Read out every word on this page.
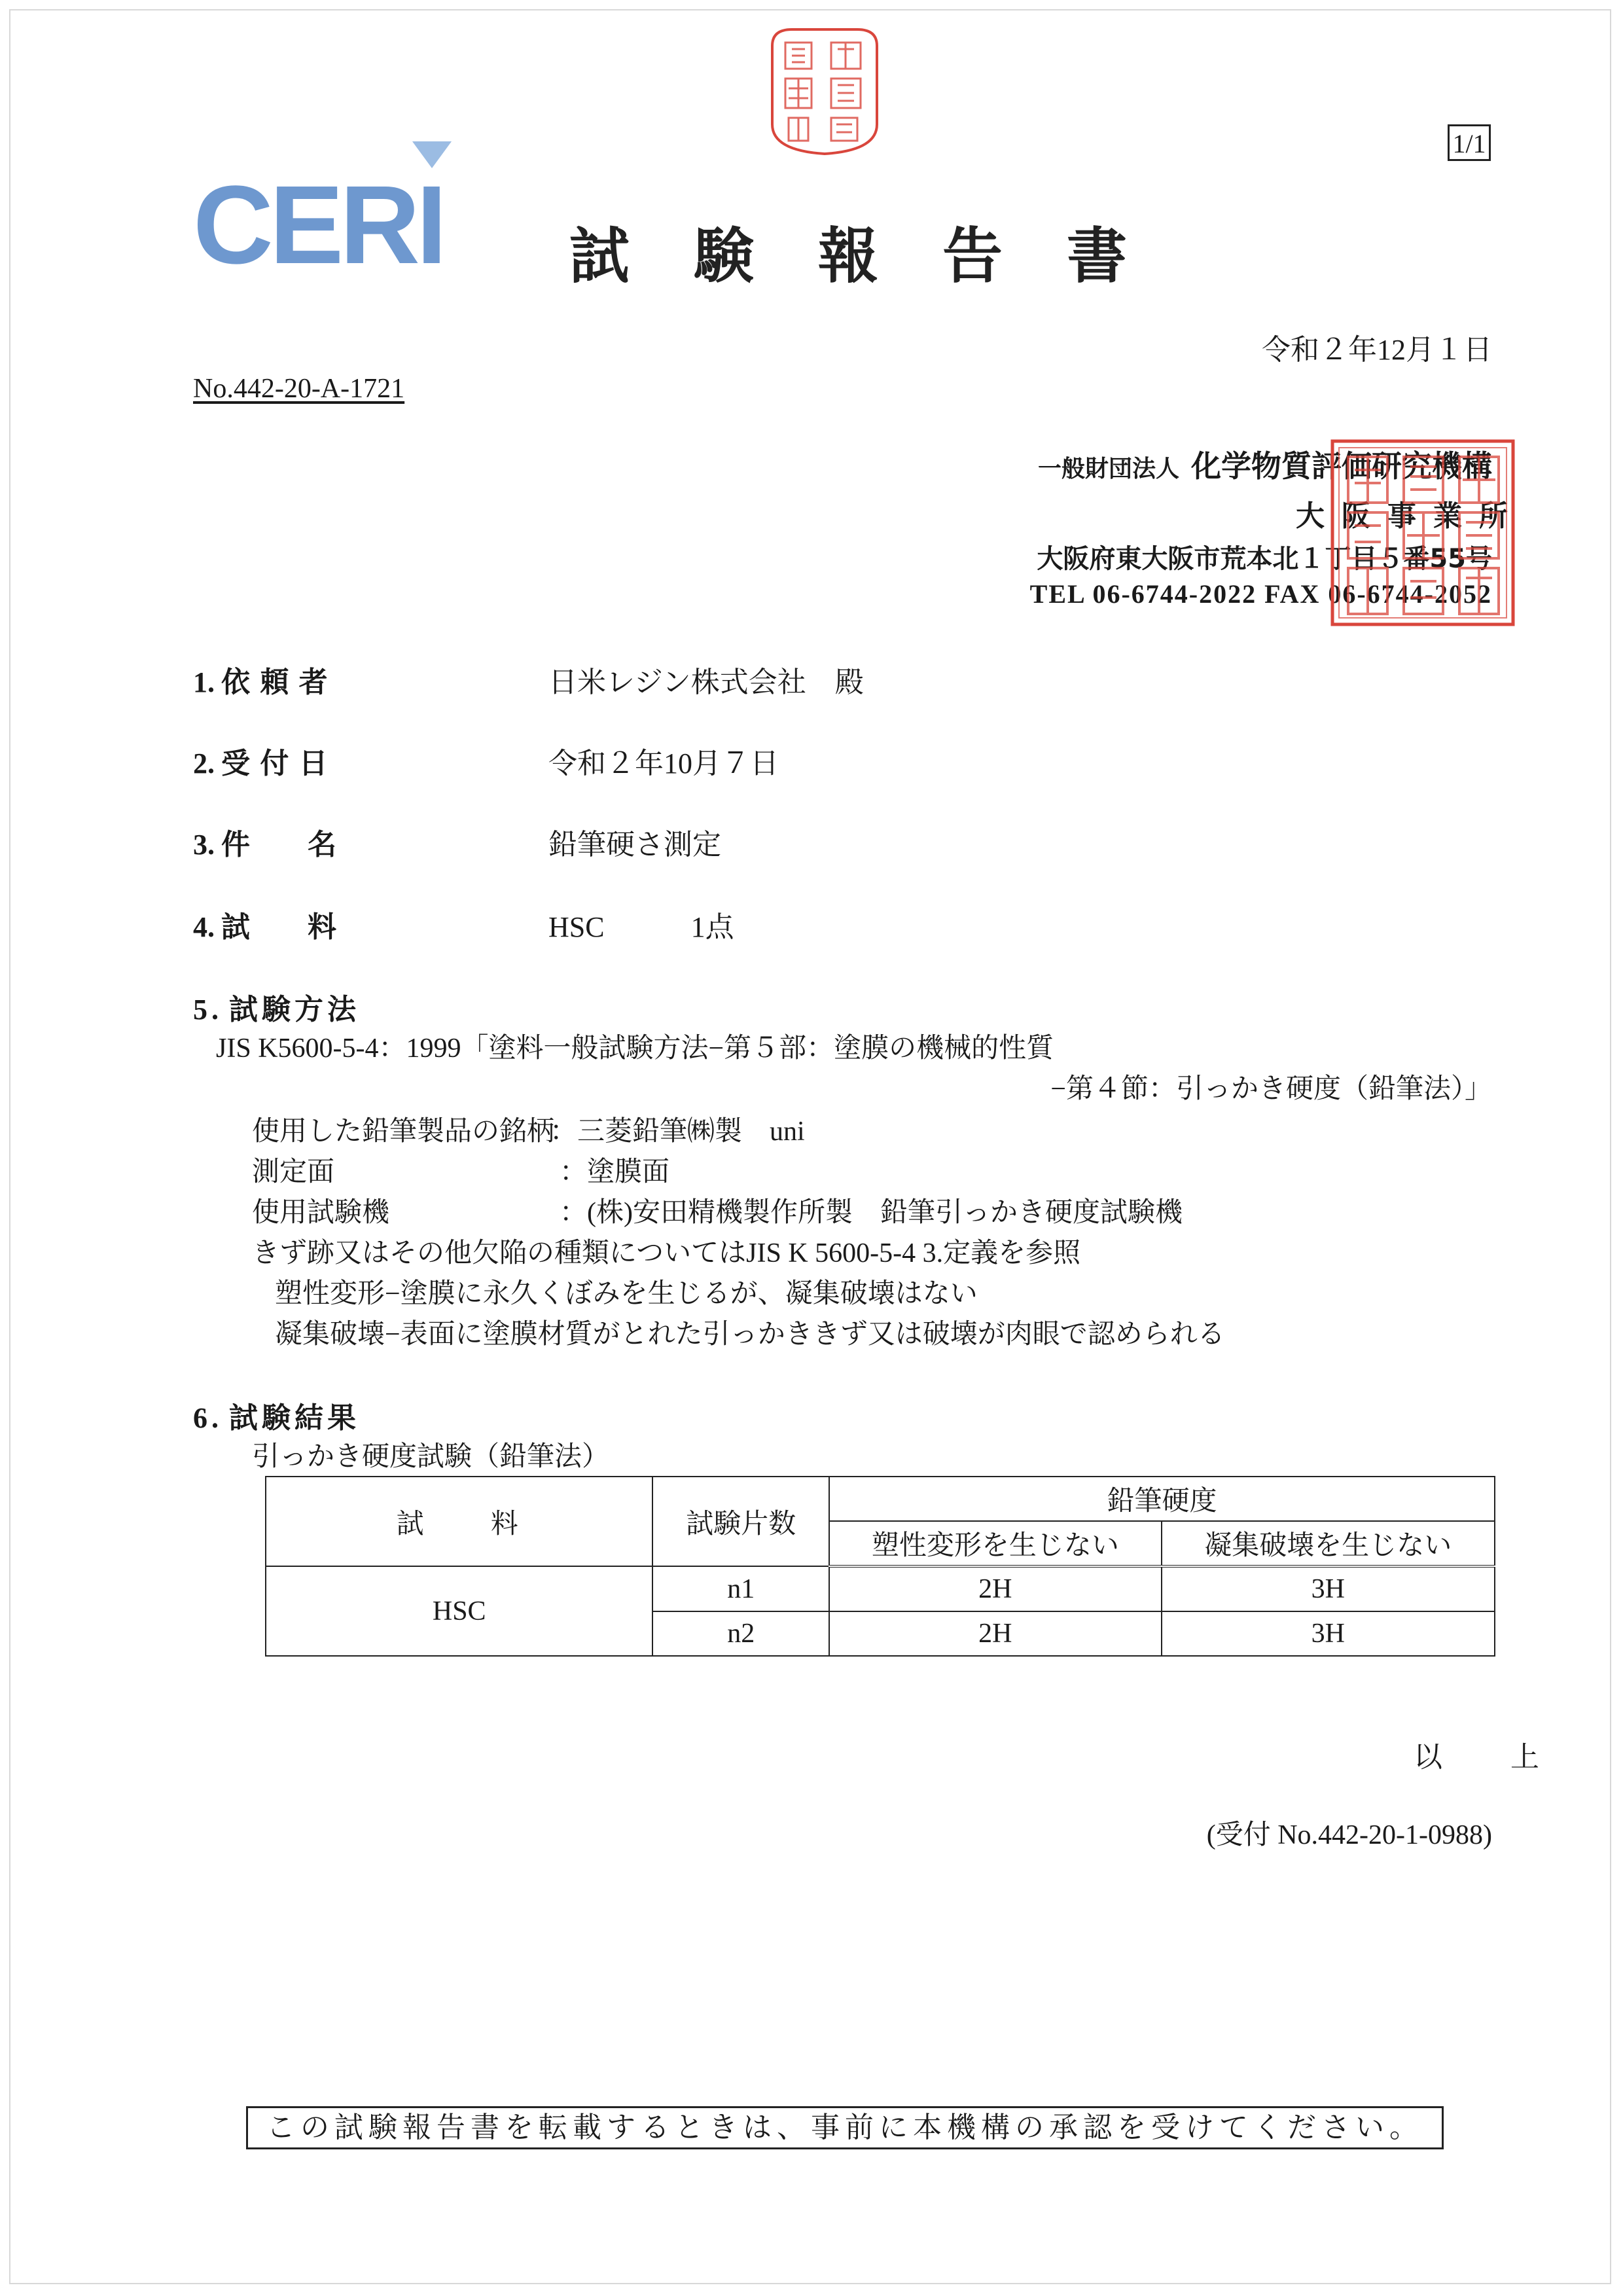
1/1
CERI 試験報告書
令和２年12月１日
No.442-20-A-1721
一般財団法人 化学物質評価研究機構
大阪事業所
大阪府東大阪市荒本北１丁目５番55号
TEL 06-6744-2022 FAX 06-6744-2052
1. 依 頼 者	日米レジン株式会社　殿
2. 受 付 日	令和２年10月７日
3. 件　　名	鉛筆硬さ測定
4. 試　　料	HSC　　　1点
5. 試験方法
JIS K5600-5-4：1999「塗料一般試験方法−第５部：塗膜の機械的性質
−第４節：引っかき硬度（鉛筆法）」
使用した鉛筆製品の銘柄
：三菱鉛筆㈱製　uni
測定面	：塗膜面
使用試験機	：(株)安田精機製作所製　鉛筆引っかき硬度試験機
きず跡又はその他欠陥の種類についてはJIS K 5600-5-4 3.定義を参照
塑性変形−塗膜に永久くぼみを生じるが、凝集破壊はない
凝集破壊−表面に塗膜材質がとれた引っかききず又は破壊が肉眼で認められる
6. 試験結果
引っかき硬度試験（鉛筆法）
試　　料	試験片数	鉛筆硬度	
		塑性変形を生じない	凝集破壊を生じない
HSC	n1	2H	3H
	n2	2H	3H
以　上
(受付 No.442-20-1-0988)
この試験報告書を転載するときは、事前に本機構の承認を受けてください。
